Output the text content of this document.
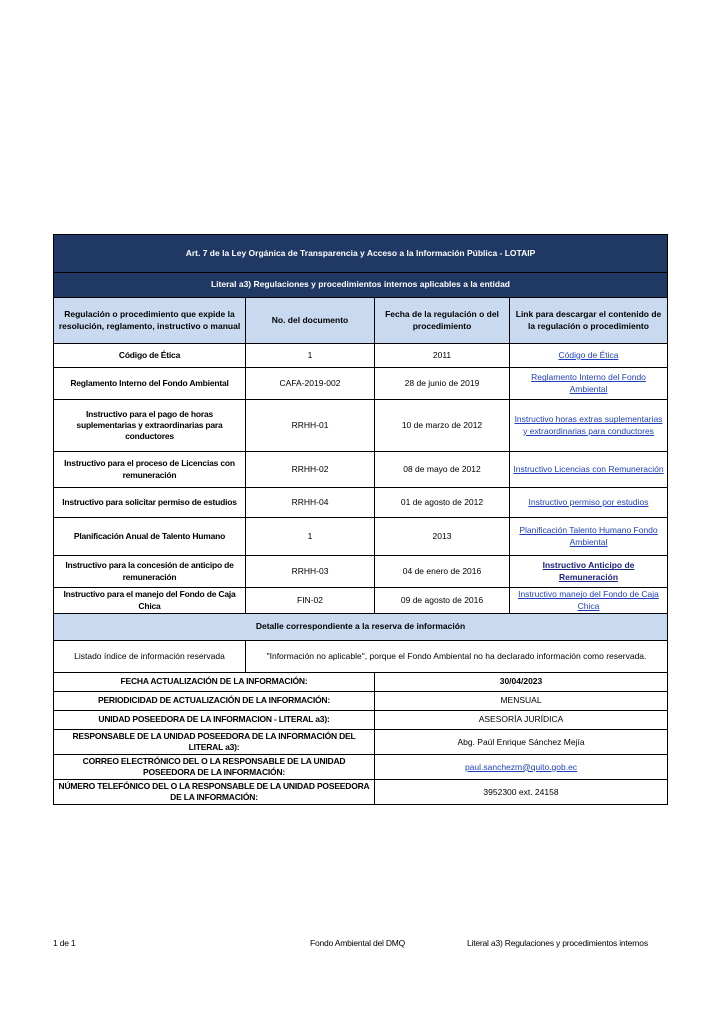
Art. 7 de la Ley Orgánica de Transparencia y Acceso a la Información Pública - LOTAIP			
Literal a3) Regulaciones y procedimientos internos aplicables a la entidad			
Regulación o procedimiento que expide la resolución, reglamento, instructivo o manual	No. del documento	Fecha de la regulación o del procedimiento	Link para descargar el contenido de la regulación o procedimiento
Código de Ética	1	2011	Código de Ética
Reglamento Interno del Fondo Ambiental	CAFA-2019-002	28 de junio de 2019	Reglamento Interno del Fondo Ambiental
Instructivo para el pago de horas suplementarias y extraordinarias para conductores	RRHH-01	10 de marzo de 2012	Instructivo horas extras suplementarias y extraordinarias para conductores
Instructivo para el proceso de Licencias con remuneración	RRHH-02	08 de mayo de 2012	Instructivo Licencias con Remuneración
Instructivo para solicitar permiso de estudios	RRHH-04	01 de agosto de 2012	Instructivo permiso por estudios
Planificación Anual de Talento Humano	1	2013	Planificación Talento Humano Fondo Ambiental
Instructivo para la concesión de anticipo de remuneración	RRHH-03	04 de enero de 2016	Instructivo Anticipo de Remuneración
Instructivo para el manejo del Fondo de Caja Chica	FIN-02	09 de agosto de 2016	Instructivo manejo del Fondo de Caja Chica
Detalle correspondiente a la reserva de información			
Listado índice de información reservada	"Información no aplicable", porque el Fondo Ambiental no ha declarado información como reservada.		
FECHA ACTUALIZACIÓN DE LA INFORMACIÓN:		30/04/2023	
PERIODICIDAD DE ACTUALIZACIÓN DE LA INFORMACIÓN:		MENSUAL	
UNIDAD POSEEDORA DE LA INFORMACION - LITERAL a3):		ASESORÍA JURÍDICA	
RESPONSABLE DE LA UNIDAD POSEEDORA DE LA INFORMACIÓN DEL LITERAL a3):		Abg. Paúl Enrique Sánchez Mejía	
CORREO ELECTRÓNICO DEL O LA RESPONSABLE DE LA UNIDAD POSEEDORA DE LA INFORMACIÓN:		paul.sanchezm@quito.gob.ec	
NÚMERO TELEFÓNICO DEL O LA RESPONSABLE DE LA UNIDAD POSEEDORA DE LA INFORMACIÓN:		3952300 ext. 24158	
1 de 1	Fondo Ambiental del DMQ	Literal a3) Regulaciones y procedimientos internos
